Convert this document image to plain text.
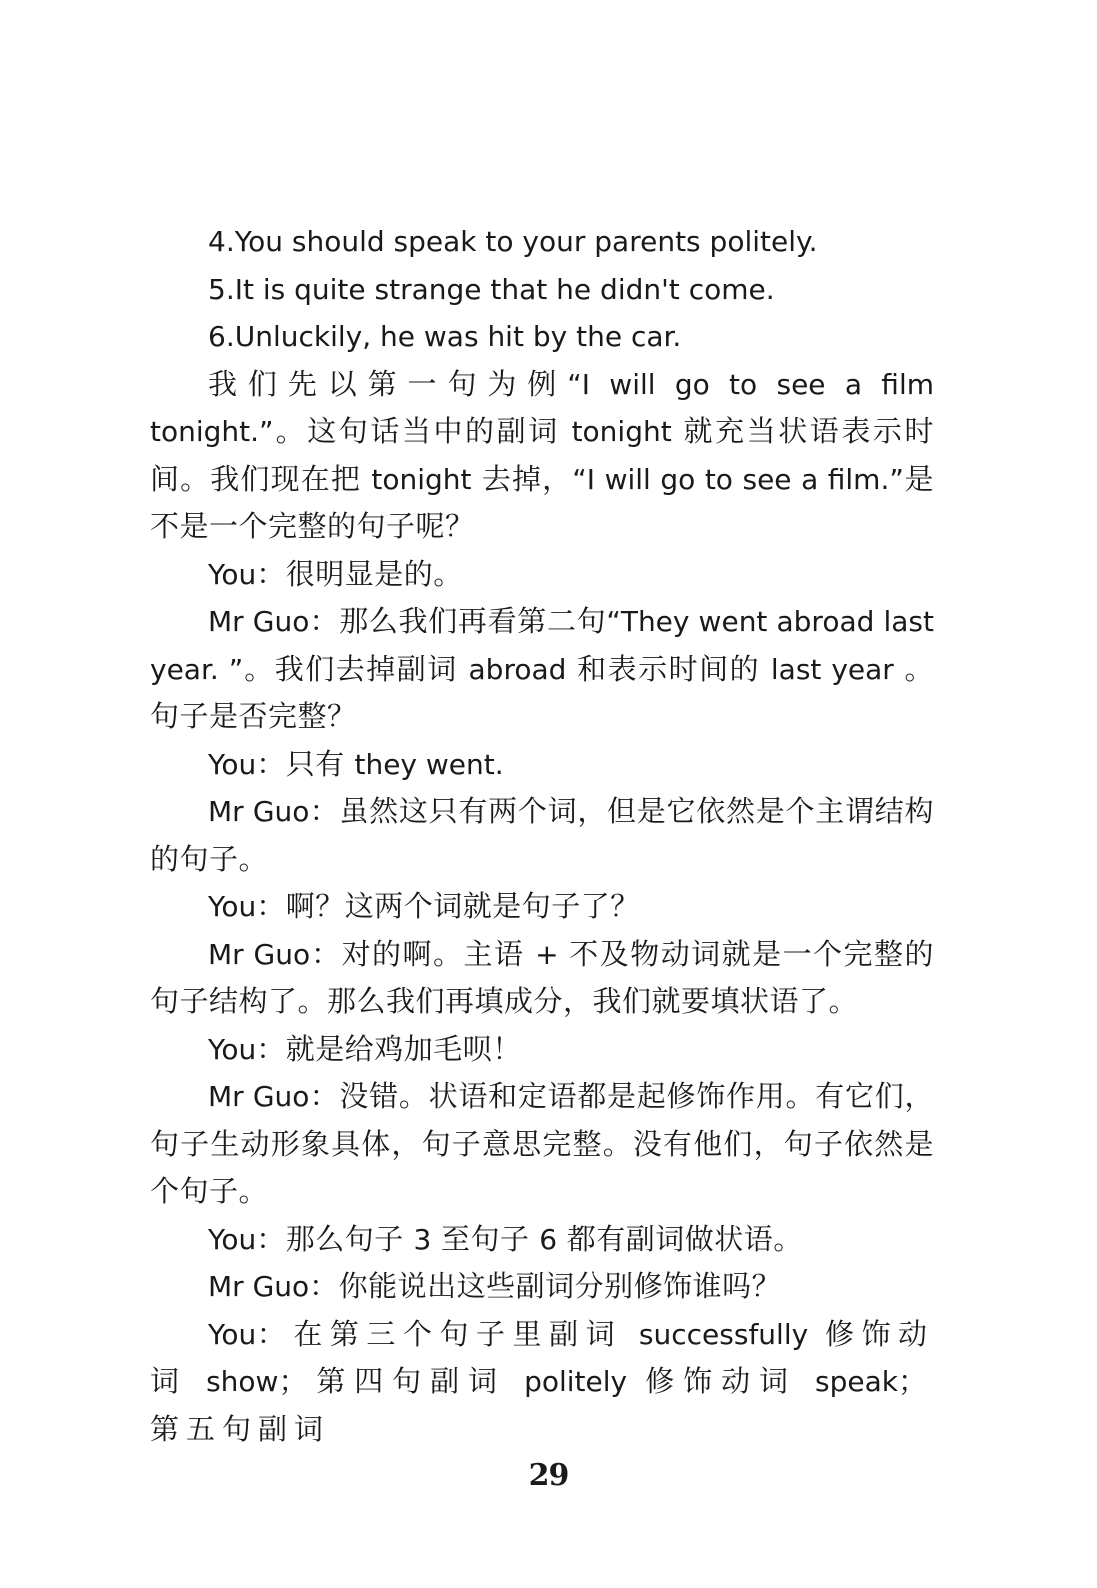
4.You should speak to your parents politely.

5.It is quite strange that he didn't come.

6.Unluckily, he was hit by the car.

我们先以第一句为例“I will go to see a film tonight.”。这句话当中的副词 tonight 就充当状语表示时间。我们现在把 tonight 去掉，“I will go to see a film.”是不是一个完整的句子呢？

You：很明显是的。

Mr Guo：那么我们再看第二句“They went abroad last year. ”。我们去掉副词 abroad 和表示时间的 last year 。句子是否完整？

You：只有 they went.

Mr Guo：虽然这只有两个词，但是它依然是个主谓结构的句子。

You：啊？这两个词就是句子了？

Mr Guo：对的啊。主语 + 不及物动词就是一个完整的句子结构了。那么我们再填成分，我们就要填状语了。

You：就是给鸡加毛呗！

Mr Guo：没错。状语和定语都是起修饰作用。有它们，句子生动形象具体，句子意思完整。没有他们，句子依然是个句子。

You：那么句子 3 至句子 6 都有副词做状语。

Mr Guo：你能说出这些副词分别修饰谁吗？

You：在第三个句子里副词 successfully 修饰动词 show；第四句副词 politely 修饰动词 speak；第五句副词

29
